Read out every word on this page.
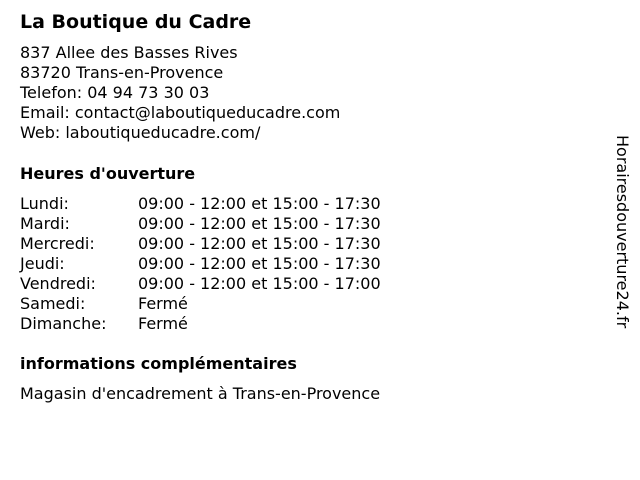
La Boutique du Cadre
837 Allee des Basses Rives
83720 Trans-en-Provence
Telefon: 04 94 73 30 03
Email: contact@laboutiqueducadre.com
Web: laboutiqueducadre.com/
Heures d'ouverture
Lundi:	09:00 - 12:00 et 15:00 - 17:30
Mardi:	09:00 - 12:00 et 15:00 - 17:30
Mercredi:	09:00 - 12:00 et 15:00 - 17:30
Jeudi:	09:00 - 12:00 et 15:00 - 17:30
Vendredi:	09:00 - 12:00 et 15:00 - 17:00
Samedi:	Fermé
Dimanche: Fermé
informations complémentaires
Magasin d'encadrement à Trans-en-Provence
Horairesdouverture24.fr
